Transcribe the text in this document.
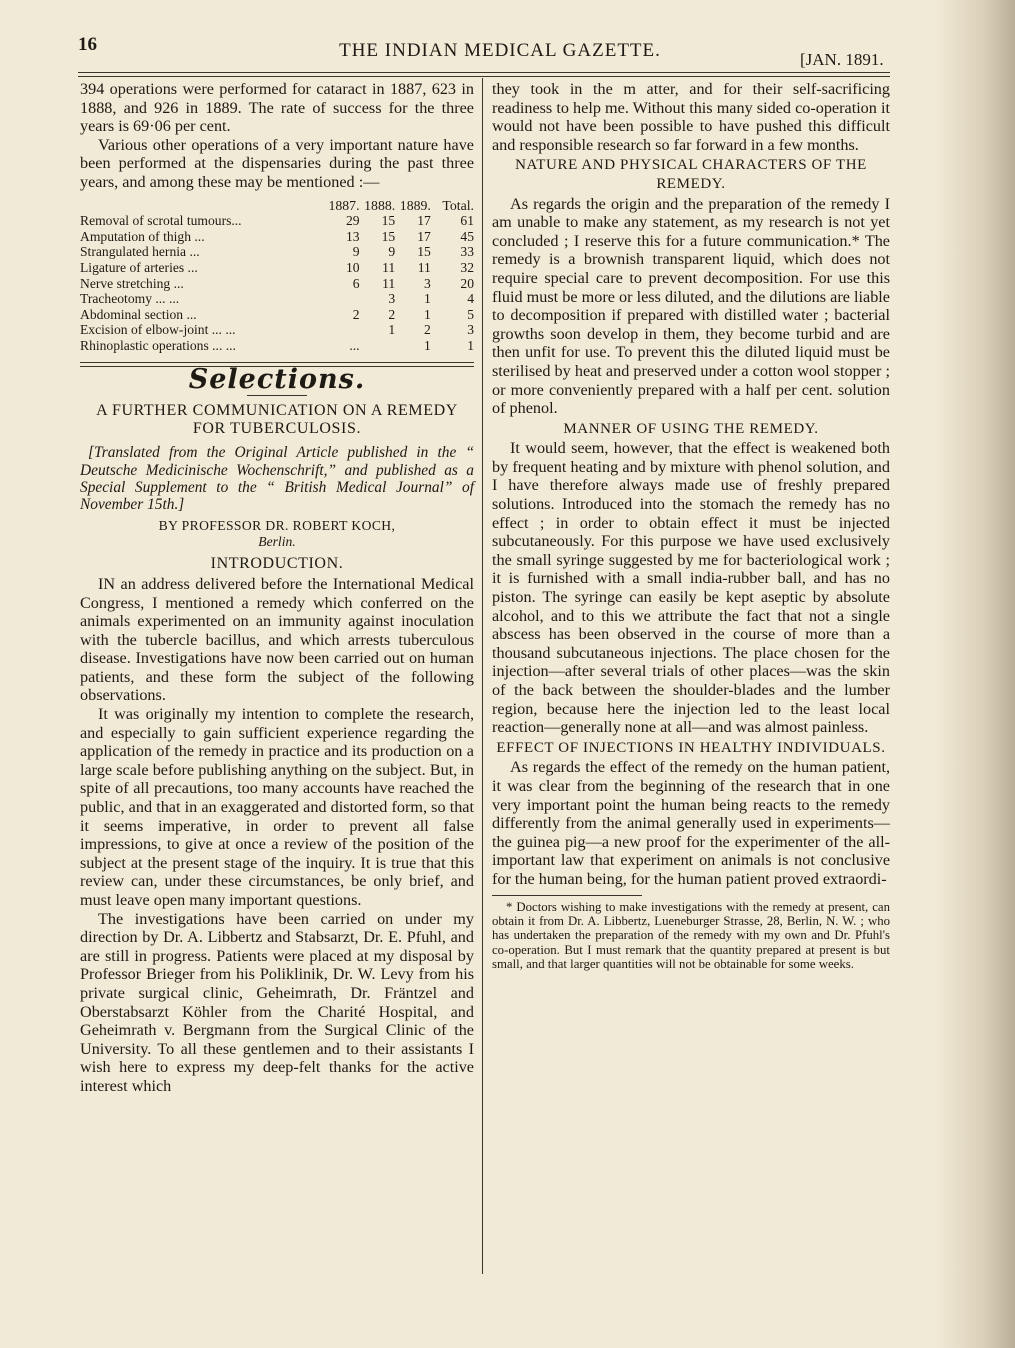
16	THE INDIAN MEDICAL GAZETTE.	[JAN. 1891.

394 operations were performed for cataract in 1887, 623 in 1888, and 926 in 1889. The rate of success for the three years is 69·06 per cent.

Various other operations of a very important nature have been performed at the dispensaries during the past three years, and among these may be mentioned :—

	1887.	1888.	1889.	Total.
Removal of scrotal tumours...	29	15	17	61
Amputation of thigh ...	13	15	17	45
Strangulated hernia ...	9	9	15	33
Ligature of arteries ...	10	11	11	32
Nerve stretching ...	6	11	3	20
Tracheotomy ... ...		3	1	4
Abdominal section ...	2	2	1	5
Excision of elbow-joint ... ...		1	2	3
Rhinoplastic operations ... ...	...		1	1
Selections.
A FURTHER COMMUNICATION ON A REMEDY FOR TUBERCULOSIS.
[Translated from the Original Article published in the “ Deutsche Medicinische Wochenschrift,” and published as a Special Supplement to the “ British Medical Journal” of November 15th.]
BY PROFESSOR DR. ROBERT KOCH,
Berlin.
INTRODUCTION.

IN an address delivered before the International Medical Congress, I mentioned a remedy which conferred on the animals experimented on an immunity against inoculation with the tubercle bacillus, and which arrests tuberculous disease. Investigations have now been carried out on human patients, and these form the subject of the following observations.

It was originally my intention to complete the research, and especially to gain sufficient experience regarding the application of the remedy in practice and its production on a large scale before publishing anything on the subject. But, in spite of all precautions, too many accounts have reached the public, and that in an exaggerated and distorted form, so that it seems imperative, in order to prevent all false impressions, to give at once a review of the position of the subject at the present stage of the inquiry. It is true that this review can, under these circumstances, be only brief, and must leave open many important questions.

The investigations have been carried on under my direction by Dr. A. Libbertz and Stabsarzt, Dr. E. Pfuhl, and are still in progress. Patients were placed at my disposal by Professor Brieger from his Poliklinik, Dr. W. Levy from his private surgical clinic, Geheimrath, Dr. Fräntzel and Oberstabsarzt Köhler from the Charité Hospital, and Geheimrath v. Bergmann from the Surgical Clinic of the University. To all these gentlemen and to their assistants I wish here to express my deep-felt thanks for the active interest which

they took in the m atter, and for their self-sacrificing readiness to help me. Without this many sided co-operation it would not have been possible to have pushed this difficult and responsible research so far forward in a few months.

NATURE AND PHYSICAL CHARACTERS OF THE REMEDY.

As regards the origin and the preparation of the remedy I am unable to make any statement, as my research is not yet concluded ; I reserve this for a future communication.* The remedy is a brownish transparent liquid, which does not require special care to prevent decomposition. For use this fluid must be more or less diluted, and the dilutions are liable to decomposition if prepared with distilled water ; bacterial growths soon develop in them, they become turbid and are then unfit for use. To prevent this the diluted liquid must be sterilised by heat and preserved under a cotton wool stopper ; or more conveniently prepared with a half per cent. solution of phenol.

MANNER OF USING THE REMEDY.

It would seem, however, that the effect is weakened both by frequent heating and by mixture with phenol solution, and I have therefore always made use of freshly prepared solutions. Introduced into the stomach the remedy has no effect ; in order to obtain effect it must be injected subcutaneously. For this purpose we have used exclusively the small syringe suggested by me for bacteriological work ; it is furnished with a small india-rubber ball, and has no piston. The syringe can easily be kept aseptic by absolute alcohol, and to this we attribute the fact that not a single abscess has been observed in the course of more than a thousand subcutaneous injections. The place chosen for the injection—after several trials of other places—was the skin of the back between the shoulder-blades and the lumber region, because here the injection led to the least local reaction—generally none at all—and was almost painless.

EFFECT OF INJECTIONS IN HEALTHY INDIVIDUALS.

As regards the effect of the remedy on the human patient, it was clear from the beginning of the research that in one very important point the human being reacts to the remedy differently from the animal generally used in experiments—the guinea pig—a new proof for the experimenter of the all-important law that experiment on animals is not conclusive for the human being, for the human patient proved extraordi-

* Doctors wishing to make investigations with the remedy at present, can obtain it from Dr. A. Libbertz, Lueneburger Strasse, 28, Berlin, N. W. ; who has undertaken the preparation of the remedy with my own and Dr. Pfuhl's co-operation. But I must remark that the quantity prepared at present is but small, and that larger quantities will not be obtainable for some weeks.
